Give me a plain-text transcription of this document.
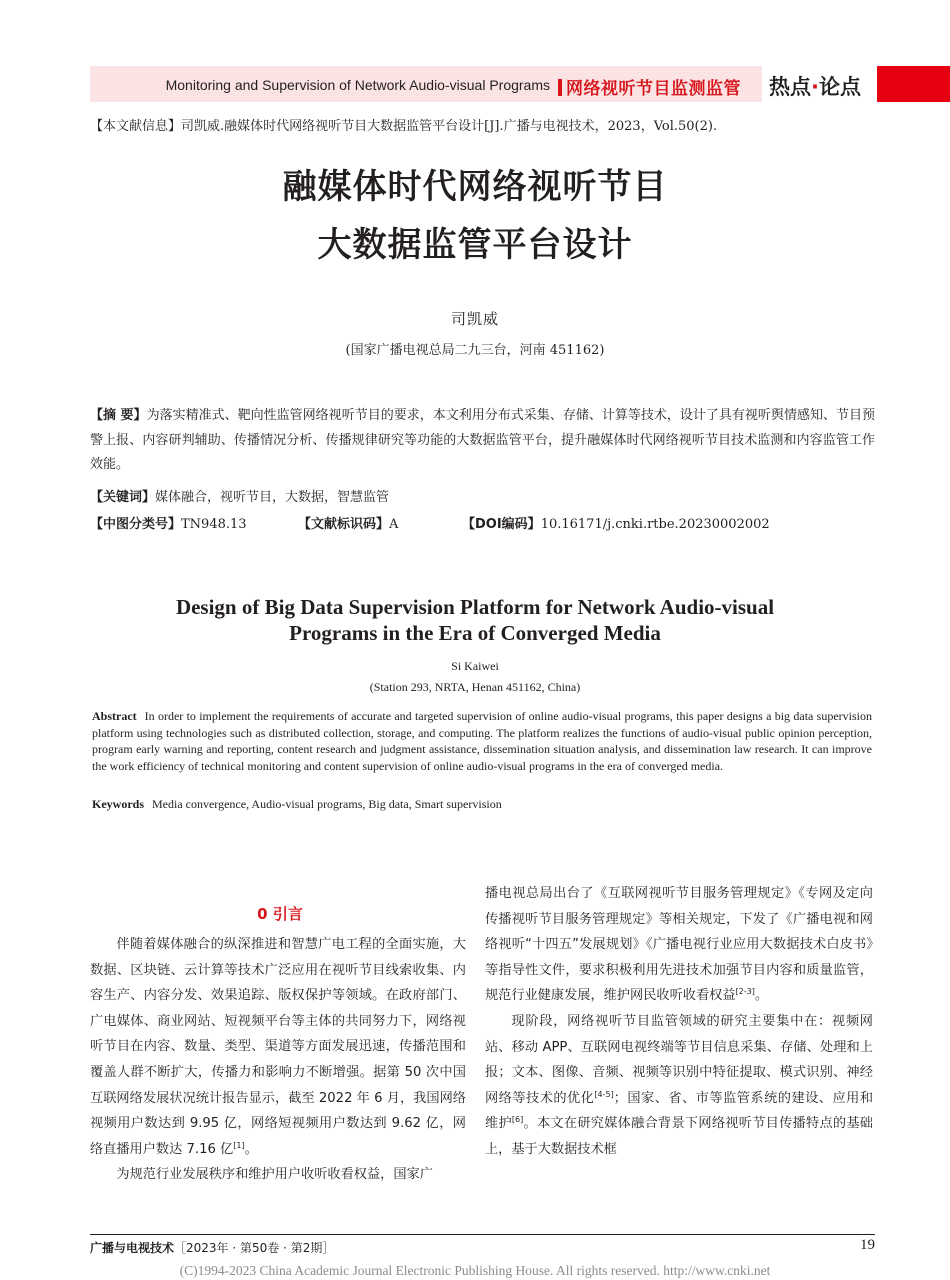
Monitoring and Supervision of Network Audio-visual Programs 网络视听节目监测监管 热点·论点
【本文献信息】司凯威.融媒体时代网络视听节目大数据监管平台设计[J].广播与电视技术，2023，Vol.50(2).
融媒体时代网络视听节目
大数据监管平台设计
司凯威
(国家广播电视总局二九三台，河南 451162)
【摘 要】为落实精准式、靶向性监管网络视听节目的要求，本文利用分布式采集、存储、计算等技术，设计了具有视听舆情感知、节目预警上报、内容研判辅助、传播情况分析、传播规律研究等功能的大数据监管平台，提升融媒体时代网络视听节目技术监测和内容监管工作效能。
【关键词】媒体融合，视听节目，大数据，智慧监管
【中图分类号】TN948.13	【文献标识码】A	【DOI编码】10.16171/j.cnki.rtbe.20230002002
Design of Big Data Supervision Platform for Network Audio-visual
Programs in the Era of Converged Media
Si Kaiwei
(Station 293, NRTA, Henan 451162, China)
Abstract In order to implement the requirements of accurate and targeted supervision of online audio-visual programs, this paper designs a big data supervision platform using technologies such as distributed collection, storage, and computing. The platform realizes the functions of audio-visual public opinion perception, program early warning and reporting, content research and judgment assistance, dissemination situation analysis, and dissemination law research. It can improve the work efficiency of technical monitoring and content supervision of online audio-visual programs in the era of converged media.
Keywords Media convergence, Audio-visual programs, Big data, Smart supervision
0 引言

伴随着媒体融合的纵深推进和智慧广电工程的全面实施，大数据、区块链、云计算等技术广泛应用在视听节目线索收集、内容生产、内容分发、效果追踪、版权保护等领域。在政府部门、广电媒体、商业网站、短视频平台等主体的共同努力下，网络视听节目在内容、数量、类型、渠道等方面发展迅速，传播范围和覆盖人群不断扩大，传播力和影响力不断增强。据第 50 次中国互联网络发展状况统计报告显示，截至 2022 年 6 月，我国网络视频用户数达到 9.95 亿，网络短视频用户数达到 9.62 亿，网络直播用户数达 7.16 亿[1]。

为规范行业发展秩序和维护用户收听收看权益，国家广

播电视总局出台了《互联网视听节目服务管理规定》《专网及定向传播视听节目服务管理规定》等相关规定，下发了《广播电视和网络视听“十四五”发展规划》《广播电视行业应用大数据技术白皮书》等指导性文件，要求积极利用先进技术加强节目内容和质量监管，规范行业健康发展，维护网民收听收看权益[2-3]。

现阶段，网络视听节目监管领域的研究主要集中在：视频网站、移动 APP、互联网电视终端等节目信息采集、存储、处理和上报；文本、图像、音频、视频等识别中特征提取、模式识别、神经网络等技术的优化[4-5]；国家、省、市等监管系统的建设、应用和维护[6]。本文在研究媒体融合背景下网络视听节目传播特点的基础上，基于大数据技术框

广播与电视技术［2023年 · 第50卷 · 第2期］	19
(C)1994-2023 China Academic Journal Electronic Publishing House. All rights reserved. http://www.cnki.net
